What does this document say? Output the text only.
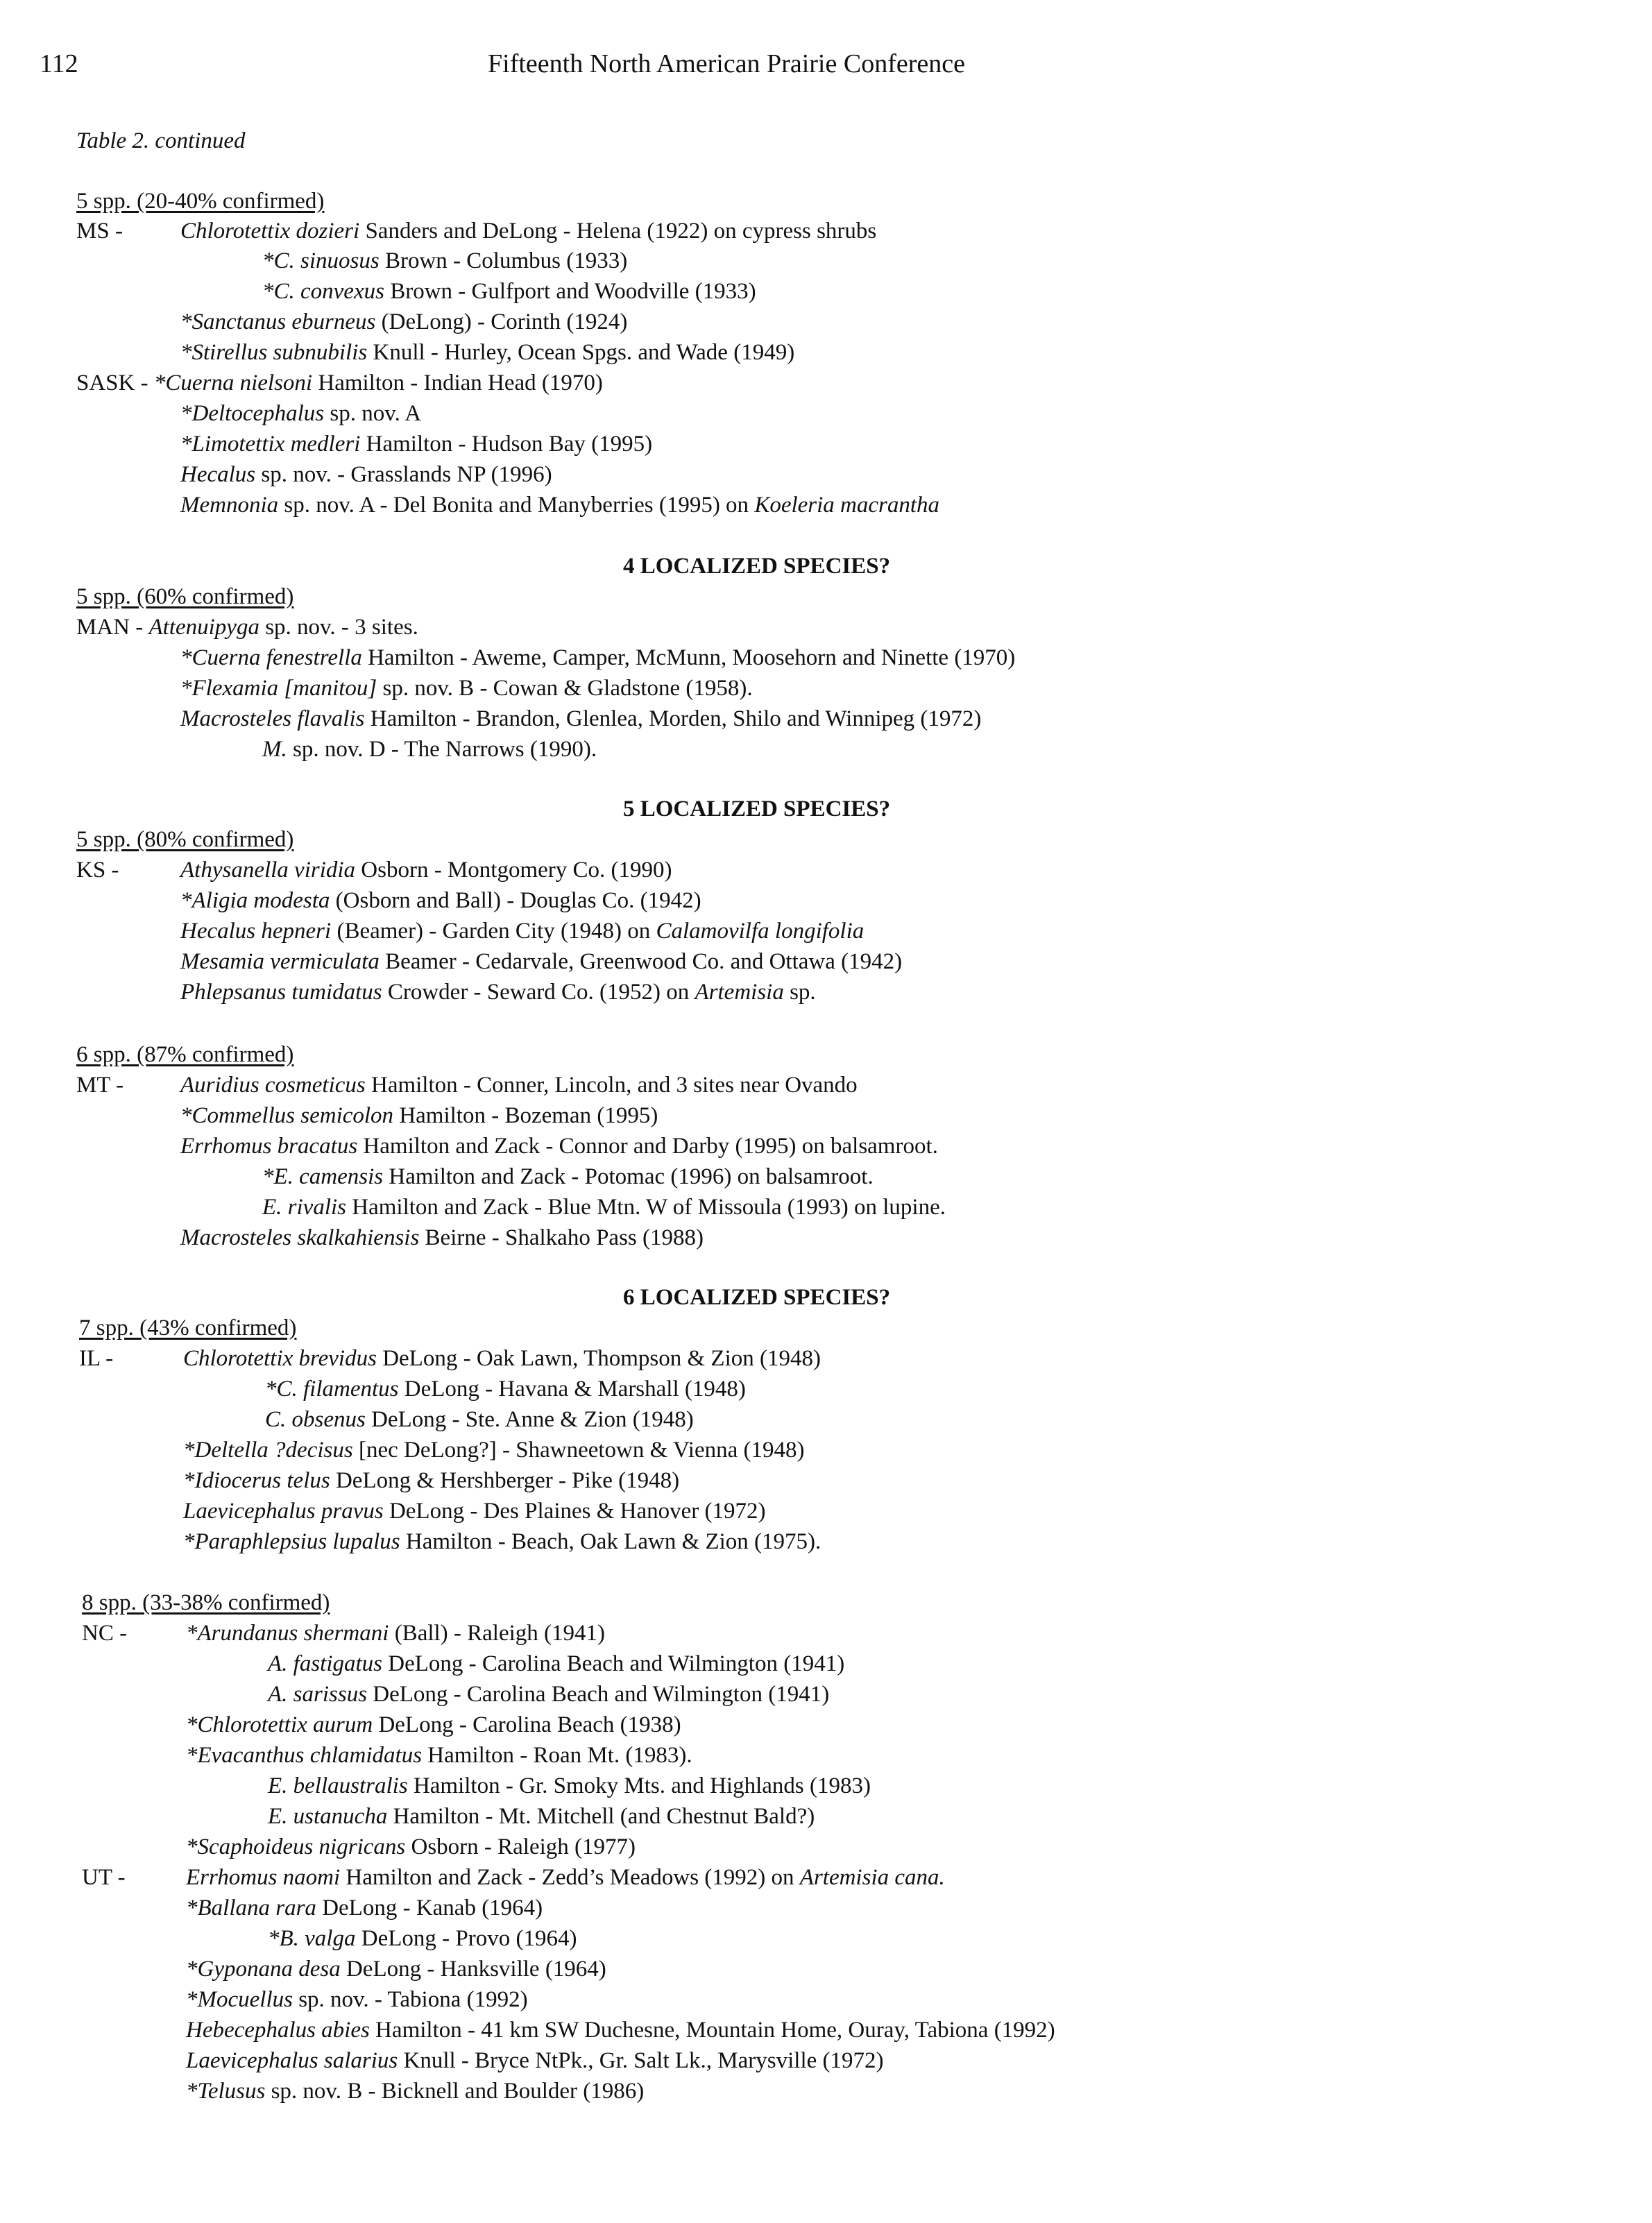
112	Fifteenth North American Prairie Conference
Table 2. continued
5 spp. (20-40% confirmed)
MS -	Chlorotettix dozieri Sanders and DeLong - Helena (1922) on cypress shrubs
*C. sinuosus Brown - Columbus (1933)
*C. convexus Brown - Gulfport and Woodville (1933)
*Sanctanus eburneus (DeLong) - Corinth (1924)
*Stirellus subnubilis Knull - Hurley, Ocean Spgs. and Wade (1949)
SASK - *Cuerna nielsoni Hamilton - Indian Head (1970)
*Deltocephalus sp. nov. A
*Limotettix medleri Hamilton - Hudson Bay (1995)
Hecalus sp. nov. - Grasslands NP (1996)
Memnonia sp. nov. A - Del Bonita and Manyberries (1995) on Koeleria macrantha
4 LOCALIZED SPECIES?
5 spp. (60% confirmed)
MAN - Attenuipyga sp. nov. - 3 sites.
*Cuerna fenestrella Hamilton - Aweme, Camper, McMunn, Moosehorn and Ninette (1970)
*Flexamia [manitou] sp. nov. B - Cowan & Gladstone (1958).
Macrosteles flavalis Hamilton - Brandon, Glenlea, Morden, Shilo and Winnipeg (1972)
M. sp. nov. D - The Narrows (1990).
5 LOCALIZED SPECIES?
5 spp. (80% confirmed)
KS -	Athysanella viridia Osborn - Montgomery Co. (1990)
*Aligia modesta (Osborn and Ball) - Douglas Co. (1942)
Hecalus hepneri (Beamer) - Garden City (1948) on Calamovilfa longifolia
Mesamia vermiculata Beamer - Cedarvale, Greenwood Co. and Ottawa (1942)
Phlepsanus tumidatus Crowder - Seward Co. (1952) on Artemisia sp.
6 spp. (87% confirmed)
MT - Auridius cosmeticus Hamilton - Conner, Lincoln, and 3 sites near Ovando
*Commellus semicolon Hamilton - Bozeman (1995)
Errhomus bracatus Hamilton and Zack - Connor and Darby (1995) on balsamroot.
*E. camensis Hamilton and Zack - Potomac (1996) on balsamroot.
E. rivalis Hamilton and Zack - Blue Mtn. W of Missoula (1993) on lupine.
Macrosteles skalkahiensis Beirne - Shalkaho Pass (1988)
6 LOCALIZED SPECIES?
7 spp. (43% confirmed)
IL -	Chlorotettix brevidus DeLong - Oak Lawn, Thompson & Zion (1948)
*C. filamentus DeLong - Havana & Marshall (1948)
C. obsenus DeLong - Ste. Anne & Zion (1948)
*Deltella ?decisus [nec DeLong?] - Shawneetown & Vienna (1948)
*Idiocerus telus DeLong & Hershberger - Pike (1948)
Laevicephalus pravus DeLong - Des Plaines & Hanover (1972)
*Paraphlepsius lupalus Hamilton - Beach, Oak Lawn & Zion (1975).
8 spp. (33-38% confirmed)
NC -	*Arundanus shermani (Ball) - Raleigh (1941)
A. fastigatus DeLong - Carolina Beach and Wilmington (1941)
A. sarissus DeLong - Carolina Beach and Wilmington (1941)
*Chlorotettix aurum DeLong - Carolina Beach (1938)
*Evacanthus chlamidatus Hamilton - Roan Mt. (1983).
E. bellaustralis Hamilton - Gr. Smoky Mts. and Highlands (1983)
E. ustanucha Hamilton - Mt. Mitchell (and Chestnut Bald?)
*Scaphoideus nigricans Osborn - Raleigh (1977)
UT -	Errhomus naomi Hamilton and Zack - Zedd’s Meadows (1992) on Artemisia cana.
*Ballana rara DeLong - Kanab (1964)
*B. valga DeLong - Provo (1964)
*Gyponana desa DeLong - Hanksville (1964)
*Mocuellus sp. nov. - Tabiona (1992)
Hebecephalus abies Hamilton - 41 km SW Duchesne, Mountain Home, Ouray, Tabiona (1992)
Laevicephalus salarius Knull - Bryce NtPk., Gr. Salt Lk., Marysville (1972)
*Telusus sp. nov. B - Bicknell and Boulder (1986)
